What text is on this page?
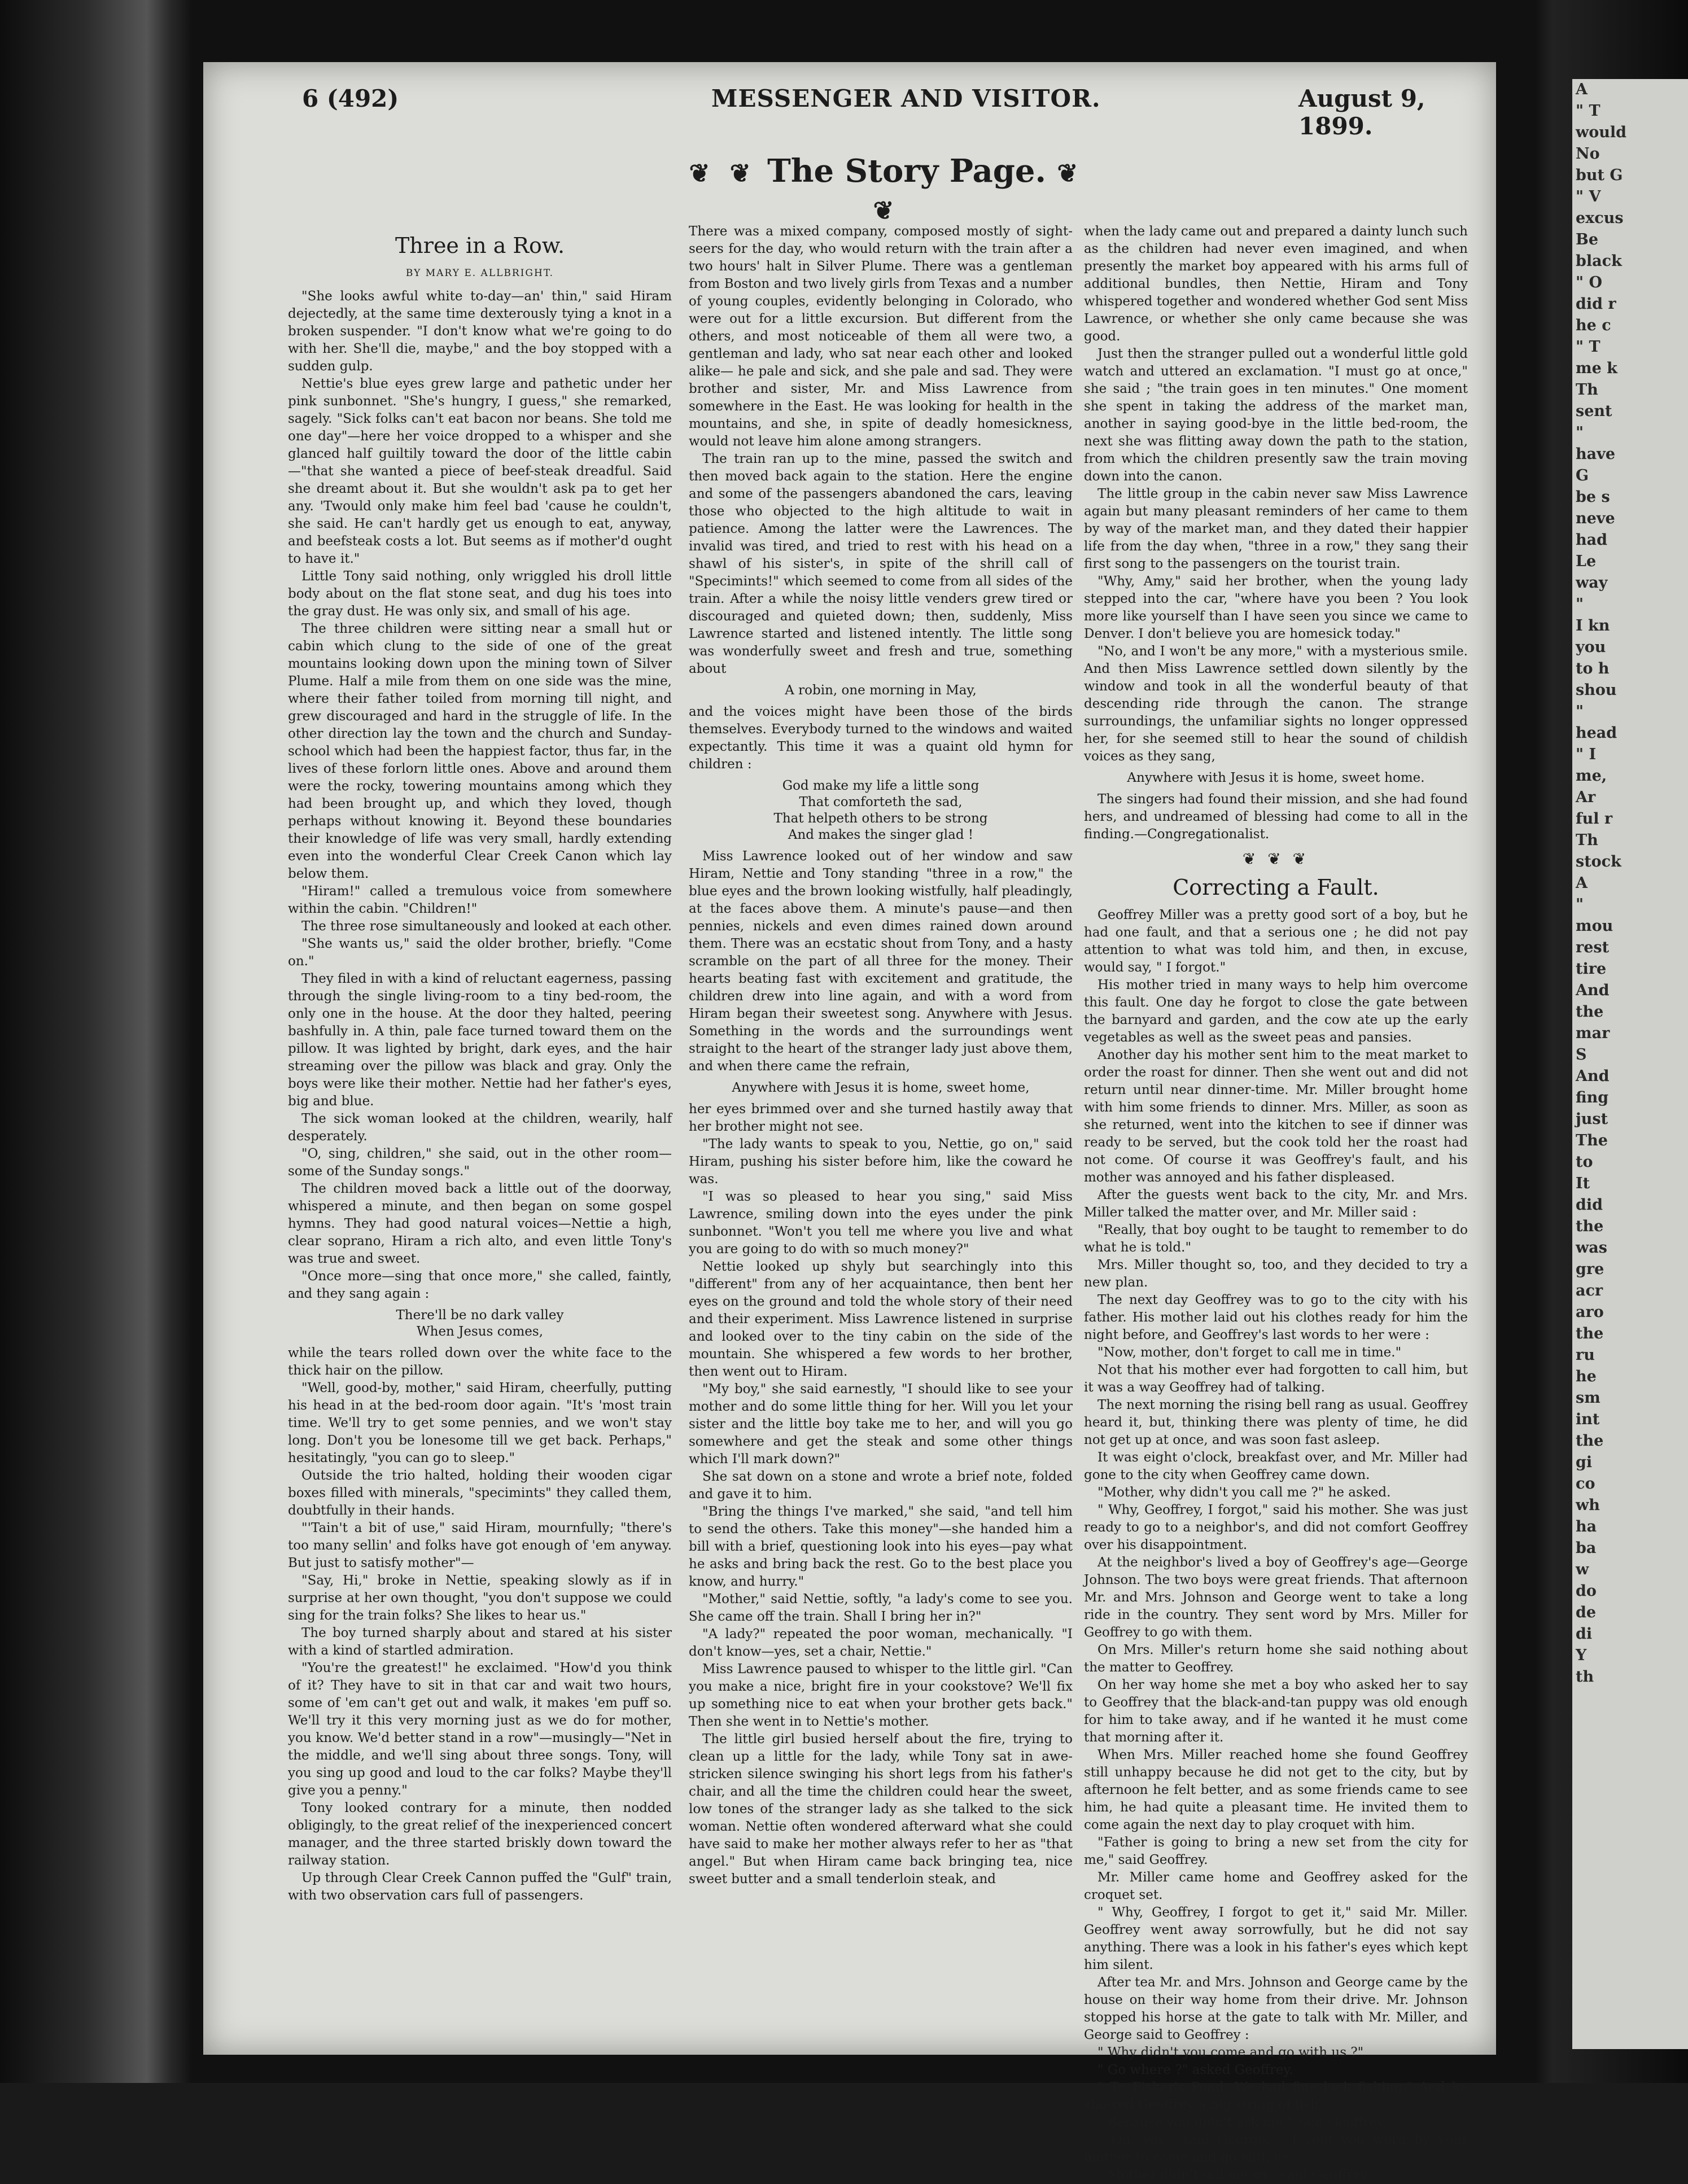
A
" T
would
No
but G
" V
excus
Be
black
" O
did r
he c
" T
me k
Th
sent
"
have
G
be s
neve
had
Le
way
"
I kn
you
to h
shou
"
head
" I
me,
Ar
ful r
Th
stock
A
"
mou
rest
tire
And
the
mar
S
And
fing
just
The
to
It
did
the
was
gre
acr
aro
the
ru
he
sm
int
the
gi
co
wh
ha
ba
w
do
de
di
Y
th
6 (492)	MESSENGER AND VISITOR.	August 9, 1899.
❦ ❦ The Story Page. ❦ ❦
Three in a Row.
BY MARY E. ALLBRIGHT.

"She looks awful white to-day—an' thin," said Hiram dejectedly, at the same time dexterously tying a knot in a broken suspender. "I don't know what we're going to do with her. She'll die, maybe," and the boy stopped with a sudden gulp.

Nettie's blue eyes grew large and pathetic under her pink sunbonnet. "She's hungry, I guess," she remarked, sagely. "Sick folks can't eat bacon nor beans. She told me one day"—here her voice dropped to a whisper and she glanced half guiltily toward the door of the little cabin—"that she wanted a piece of beef-steak dreadful. Said she dreamt about it. But she wouldn't ask pa to get her any. 'Twould only make him feel bad 'cause he couldn't, she said. He can't hardly get us enough to eat, anyway, and beefsteak costs a lot. But seems as if mother'd ought to have it."

Little Tony said nothing, only wriggled his droll little body about on the flat stone seat, and dug his toes into the gray dust. He was only six, and small of his age.

The three children were sitting near a small hut or cabin which clung to the side of one of the great mountains looking down upon the mining town of Silver Plume. Half a mile from them on one side was the mine, where their father toiled from morning till night, and grew discouraged and hard in the struggle of life. In the other direction lay the town and the church and Sunday-school which had been the happiest factor, thus far, in the lives of these forlorn little ones. Above and around them were the rocky, towering mountains among which they had been brought up, and which they loved, though perhaps without knowing it. Beyond these boundaries their knowledge of life was very small, hardly extending even into the wonderful Clear Creek Canon which lay below them.

"Hiram!" called a tremulous voice from somewhere within the cabin. "Children!"

The three rose simultaneously and looked at each other.

"She wants us," said the older brother, briefly. "Come on."

They filed in with a kind of reluctant eagerness, passing through the single living-room to a tiny bed-room, the only one in the house. At the door they halted, peering bashfully in. A thin, pale face turned toward them on the pillow. It was lighted by bright, dark eyes, and the hair streaming over the pillow was black and gray. Only the boys were like their mother. Nettie had her father's eyes, big and blue.

The sick woman looked at the children, wearily, half desperately.

"O, sing, children," she said, out in the other room—some of the Sunday songs."

The children moved back a little out of the doorway, whispered a minute, and then began on some gospel hymns. They had good natural voices—Nettie a high, clear soprano, Hiram a rich alto, and even little Tony's was true and sweet.

"Once more—sing that once more," she called, faintly, and they sang again :

There'll be no dark valley
When Jesus comes,

while the tears rolled down over the white face to the thick hair on the pillow.

"Well, good-by, mother," said Hiram, cheerfully, putting his head in at the bed-room door again. "It's 'most train time. We'll try to get some pennies, and we won't stay long. Don't you be lonesome till we get back. Perhaps," hesitatingly, "you can go to sleep."

Outside the trio halted, holding their wooden cigar boxes filled with minerals, "specimints" they called them, doubtfully in their hands.

"'Tain't a bit of use," said Hiram, mournfully; "there's too many sellin' and folks have got enough of 'em anyway. But just to satisfy mother"—

"Say, Hi," broke in Nettie, speaking slowly as if in surprise at her own thought, "you don't suppose we could sing for the train folks? She likes to hear us."

The boy turned sharply about and stared at his sister with a kind of startled admiration.

"You're the greatest!" he exclaimed. "How'd you think of it? They have to sit in that car and wait two hours, some of 'em can't get out and walk, it makes 'em puff so. We'll try it this very morning just as we do for mother, you know. We'd better stand in a row"—musingly—"Net in the middle, and we'll sing about three songs. Tony, will you sing up good and loud to the car folks? Maybe they'll give you a penny."

Tony looked contrary for a minute, then nodded obligingly, to the great relief of the inexperienced concert manager, and the three started briskly down toward the railway station.

Up through Clear Creek Cannon puffed the "Gulf" train, with two observation cars full of passengers.

There was a mixed company, composed mostly of sight-seers for the day, who would return with the train after a two hours' halt in Silver Plume. There was a gentleman from Boston and two lively girls from Texas and a number of young couples, evidently belonging in Colorado, who were out for a little excursion. But different from the others, and most noticeable of them all were two, a gentleman and lady, who sat near each other and looked alike— he pale and sick, and she pale and sad. They were brother and sister, Mr. and Miss Lawrence from somewhere in the East. He was looking for health in the mountains, and she, in spite of deadly homesickness, would not leave him alone among strangers.

The train ran up to the mine, passed the switch and then moved back again to the station. Here the engine and some of the passengers abandoned the cars, leaving those who objected to the high altitude to wait in patience. Among the latter were the Lawrences. The invalid was tired, and tried to rest with his head on a shawl of his sister's, in spite of the shrill call of "Specimints!" which seemed to come from all sides of the train. After a while the noisy little venders grew tired or discouraged and quieted down; then, suddenly, Miss Lawrence started and listened intently. The little song was wonderfully sweet and fresh and true, something about

A robin, one morning in May,

and the voices might have been those of the birds themselves. Everybody turned to the windows and waited expectantly. This time it was a quaint old hymn for children :

God make my life a little song
That comforteth the sad,
That helpeth others to be strong
And makes the singer glad !

Miss Lawrence looked out of her window and saw Hiram, Nettie and Tony standing "three in a row," the blue eyes and the brown looking wistfully, half pleadingly, at the faces above them. A minute's pause—and then pennies, nickels and even dimes rained down around them. There was an ecstatic shout from Tony, and a hasty scramble on the part of all three for the money. Their hearts beating fast with excitement and gratitude, the children drew into line again, and with a word from Hiram began their sweetest song. Anywhere with Jesus. Something in the words and the surroundings went straight to the heart of the stranger lady just above them, and when there came the refrain,

Anywhere with Jesus it is home, sweet home,

her eyes brimmed over and she turned hastily away that her brother might not see.

"The lady wants to speak to you, Nettie, go on," said Hiram, pushing his sister before him, like the coward he was.

"I was so pleased to hear you sing," said Miss Lawrence, smiling down into the eyes under the pink sunbonnet. "Won't you tell me where you live and what you are going to do with so much money?"

Nettie looked up shyly but searchingly into this "different" from any of her acquaintance, then bent her eyes on the ground and told the whole story of their need and their experiment. Miss Lawrence listened in surprise and looked over to the tiny cabin on the side of the mountain. She whispered a few words to her brother, then went out to Hiram.

"My boy," she said earnestly, "I should like to see your mother and do some little thing for her. Will you let your sister and the little boy take me to her, and will you go somewhere and get the steak and some other things which I'll mark down?"

She sat down on a stone and wrote a brief note, folded and gave it to him.

"Bring the things I've marked," she said, "and tell him to send the others. Take this money"—she handed him a bill with a brief, questioning look into his eyes—pay what he asks and bring back the rest. Go to the best place you know, and hurry."

"Mother," said Nettie, softly, "a lady's come to see you. She came off the train. Shall I bring her in?"

"A lady?" repeated the poor woman, mechanically. "I don't know—yes, set a chair, Nettie."

Miss Lawrence paused to whisper to the little girl. "Can you make a nice, bright fire in your cookstove? We'll fix up something nice to eat when your brother gets back." Then she went in to Nettie's mother.

The little girl busied herself about the fire, trying to clean up a little for the lady, while Tony sat in awe-stricken silence swinging his short legs from his father's chair, and all the time the children could hear the sweet, low tones of the stranger lady as she talked to the sick woman. Nettie often wondered afterward what she could have said to make her mother always refer to her as "that angel." But when Hiram came back bringing tea, nice sweet butter and a small tenderloin steak, and

when the lady came out and prepared a dainty lunch such as the children had never even imagined, and when presently the market boy appeared with his arms full of additional bundles, then Nettie, Hiram and Tony whispered together and wondered whether God sent Miss Lawrence, or whether she only came because she was good.

Just then the stranger pulled out a wonderful little gold watch and uttered an exclamation. "I must go at once," she said ; "the train goes in ten minutes." One moment she spent in taking the address of the market man, another in saying good-bye in the little bed-room, the next she was flitting away down the path to the station, from which the children presently saw the train moving down into the canon.

The little group in the cabin never saw Miss Lawrence again but many pleasant reminders of her came to them by way of the market man, and they dated their happier life from the day when, "three in a row," they sang their first song to the passengers on the tourist train.

"Why, Amy," said her brother, when the young lady stepped into the car, "where have you been ? You look more like yourself than I have seen you since we came to Denver. I don't believe you are homesick today."

"No, and I won't be any more," with a mysterious smile. And then Miss Lawrence settled down silently by the window and took in all the wonderful beauty of that descending ride through the canon. The strange surroundings, the unfamiliar sights no longer oppressed her, for she seemed still to hear the sound of childish voices as they sang,

Anywhere with Jesus it is home, sweet home.

The singers had found their mission, and she had found hers, and undreamed of blessing had come to all in the finding.—Congregationalist.

❦ ❦ ❦
Correcting a Fault.

Geoffrey Miller was a pretty good sort of a boy, but he had one fault, and that a serious one ; he did not pay attention to what was told him, and then, in excuse, would say, " I forgot."

His mother tried in many ways to help him overcome this fault. One day he forgot to close the gate between the barnyard and garden, and the cow ate up the early vegetables as well as the sweet peas and pansies.

Another day his mother sent him to the meat market to order the roast for dinner. Then she went out and did not return until near dinner-time. Mr. Miller brought home with him some friends to dinner. Mrs. Miller, as soon as she returned, went into the kitchen to see if dinner was ready to be served, but the cook told her the roast had not come. Of course it was Geoffrey's fault, and his mother was annoyed and his father displeased.

After the guests went back to the city, Mr. and Mrs. Miller talked the matter over, and Mr. Miller said :

"Really, that boy ought to be taught to remember to do what he is told."

Mrs. Miller thought so, too, and they decided to try a new plan.

The next day Geoffrey was to go to the city with his father. His mother laid out his clothes ready for him the night before, and Geoffrey's last words to her were :

"Now, mother, don't forget to call me in time."

Not that his mother ever had forgotten to call him, but it was a way Geoffrey had of talking.

The next morning the rising bell rang as usual. Geoffrey heard it, but, thinking there was plenty of time, he did not get up at once, and was soon fast asleep.

It was eight o'clock, breakfast over, and Mr. Miller had gone to the city when Geoffrey came down.

"Mother, why didn't you call me ?" he asked.

" Why, Geoffrey, I forgot," said his mother. She was just ready to go to a neighbor's, and did not comfort Geoffrey over his disappointment.

At the neighbor's lived a boy of Geoffrey's age—George Johnson. The two boys were great friends. That afternoon Mr. and Mrs. Johnson and George went to take a long ride in the country. They sent word by Mrs. Miller for Geoffrey to go with them.

On Mrs. Miller's return home she said nothing about the matter to Geoffrey.

On her way home she met a boy who asked her to say to Geoffrey that the black-and-tan puppy was old enough for him to take away, and if he wanted it he must come that morning after it.

When Mrs. Miller reached home she found Geoffrey still unhappy because he did not get to the city, but by afternoon he felt better, and as some friends came to see him, he had quite a pleasant time. He invited them to come again the next day to play croquet with him.

"Father is going to bring a new set from the city for me," said Geoffrey.

Mr. Miller came home and Geoffrey asked for the croquet set.

" Why, Geoffrey, I forgot to get it," said Mr. Miller. Geoffrey went away sorrowfully, but he did not say anything. There was a look in his father's eyes which kept him silent.

After tea Mr. and Mrs. Johnson and George came by the house on their way home from their drive. Mr. Johnson stopped his horse at the gate to talk with Mr. Miller, and George said to Geoffrey :

" Why didn't you come and go with us ?"

" Go where ?" asked Geoffrey.

" To Fisher's Pond. We had fine luck fishing." And he showed Geoffrey a big string of fish.

" Because you didn't ask me," said Geoffrey.

" Oh, yes," said George, " I sent you word by your mother to come and go with us."

" Mother didn't tell me so," said Geoffrey.
